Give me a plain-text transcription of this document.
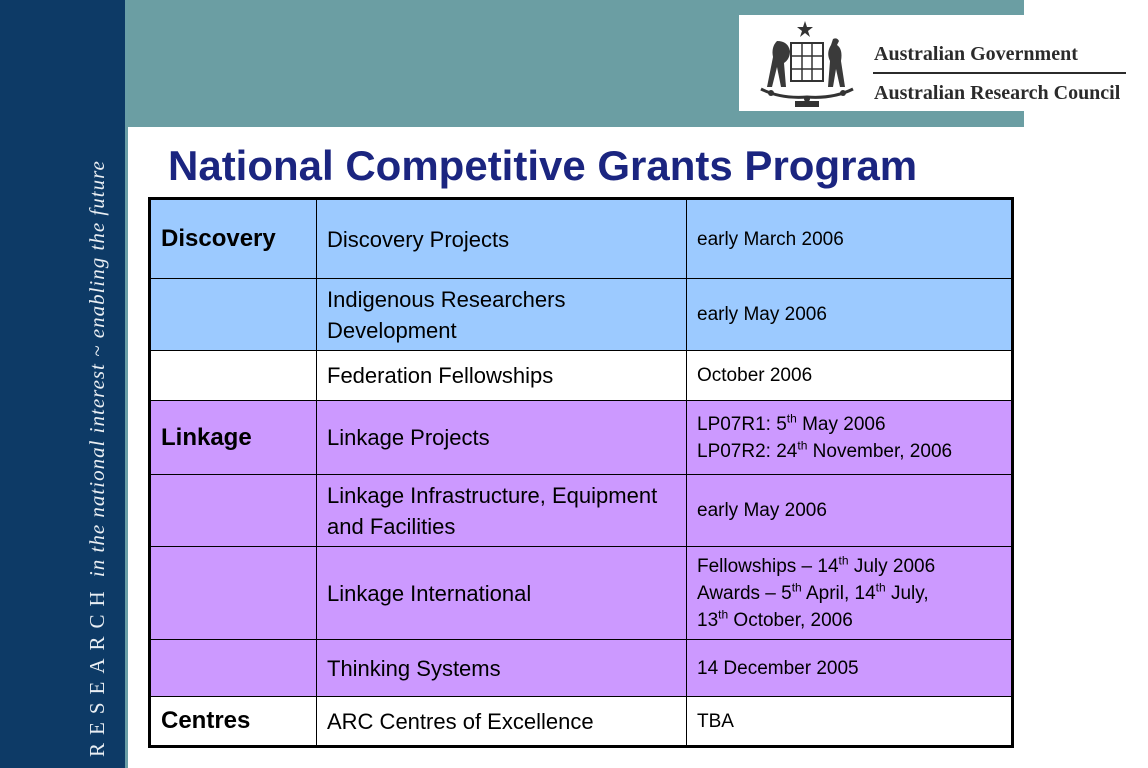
RESEARCH in the national interest ~ enabling the future
Australian Government
Australian Research Council
National Competitive Grants Program
Discovery	Discovery Projects	early March 2006
	Indigenous Researchers Development	early May 2006
	Federation Fellowships	October 2006
Linkage	Linkage Projects	LP07R1: 5th May 2006
LP07R2: 24th November, 2006

	Linkage Infrastructure, Equipment and Facilities	early May 2006
	Linkage International	Fellowships – 14th July 2006
Awards – 5th April, 14th July,
13th October, 2006

	Thinking Systems	14 December 2005
Centres	ARC Centres of Excellence	TBA
